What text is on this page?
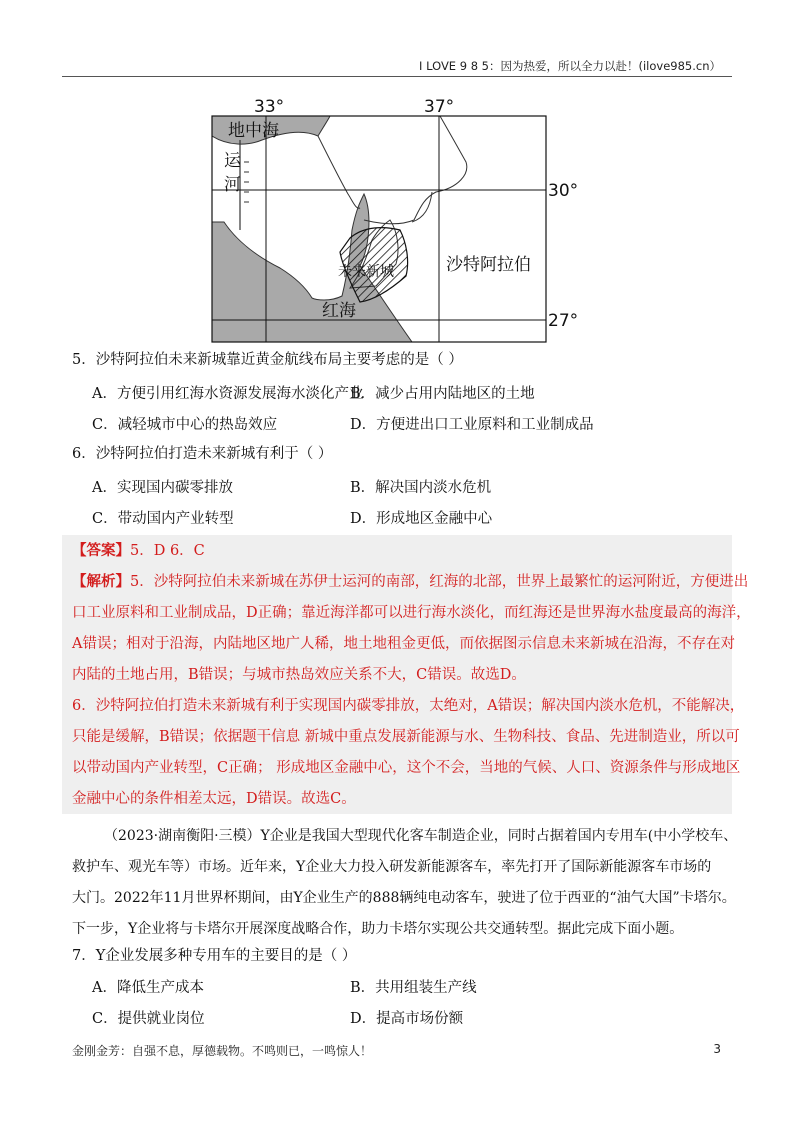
I LOVE 9 8 5：因为热爱，所以全力以赴！(ilove985.cn）
33°	37°
30°
27°
地中海
运
河
红海
沙特阿拉伯
未来新城
5．沙特阿拉伯未来新城靠近黄金航线布局主要考虑的是（ ）
A．方便引用红海水资源发展海水淡化产业
B．减少占用内陆地区的土地
C．减轻城市中心的热岛效应	D．方便进出口工业原料和工业制成品
6．沙特阿拉伯打造未来新城有利于（ ）
A．实现国内碳零排放	B．解决国内淡水危机
C．带动国内产业转型	D．形成地区金融中心
【答案】5．D 6．C
【解析】5．沙特阿拉伯未来新城在苏伊士运河的南部，红海的北部，世界上最繁忙的运河附近，方便进出
口工业原料和工业制成品，D正确；靠近海洋都可以进行海水淡化，而红海还是世界海水盐度最高的海洋，
A错误；相对于沿海，内陆地区地广人稀，地土地租金更低，而依据图示信息未来新城在沿海，不存在对
内陆的土地占用，B错误；与城市热岛效应关系不大，C错误。故选D。
6．沙特阿拉伯打造未来新城有利于实现国内碳零排放，太绝对，A错误；解决国内淡水危机，不能解决，
只能是缓解，B错误；依据题干信息 新城中重点发展新能源与水、生物科技、食品、先进制造业，所以可
以带动国内产业转型，C正确； 形成地区金融中心，这个不会，当地的气候、人口、资源条件与形成地区
金融中心的条件相差太远，D错误。故选C。
（2023·湖南衡阳·三模）Y企业是我国大型现代化客车制造企业，同时占据着国内专用车(中小学校车、
救护车、观光车等）市场。近年来，Y企业大力投入研发新能源客车，率先打开了国际新能源客车市场的
大门。2022年11月世界杯期间，由Y企业生产的888辆纯电动客车，驶进了位于西亚的“油气大国”卡塔尔。
下一步，Y企业将与卡塔尔开展深度战略合作，助力卡塔尔实现公共交通转型。据此完成下面小题。
7．Y企业发展多种专用车的主要目的是（ ）
A．降低生产成本	B．共用组装生产线
C．提供就业岗位	D．提高市场份额
金刚金芳：自强不息，厚德载物。不鸣则已，一鸣惊人！	3
